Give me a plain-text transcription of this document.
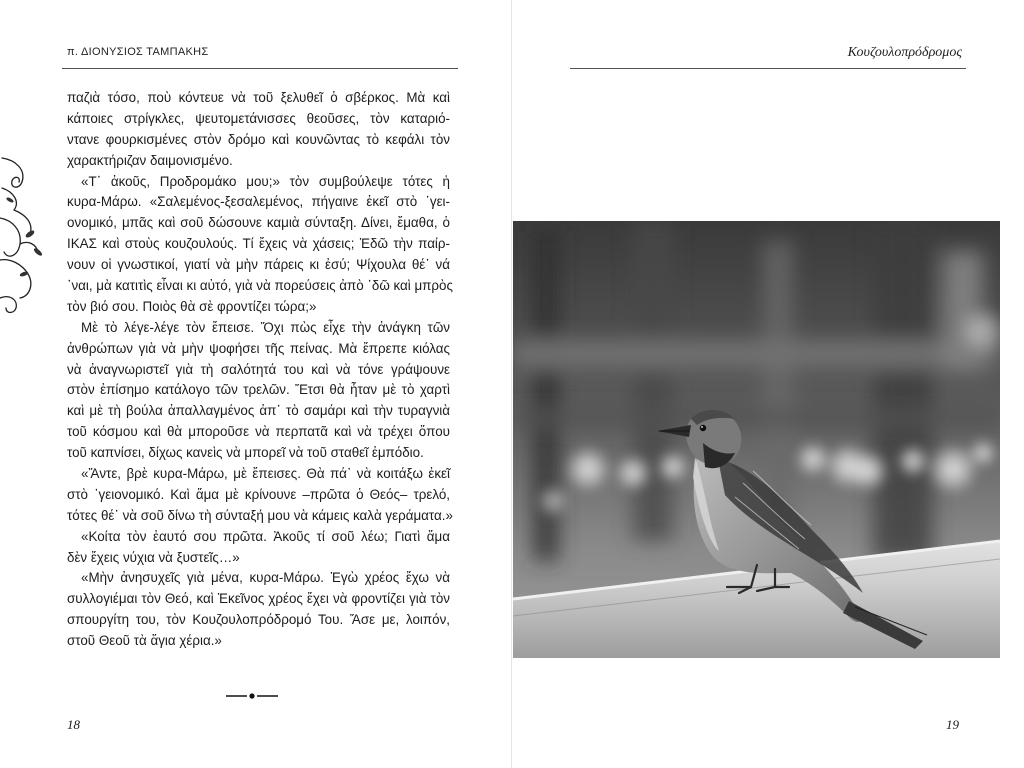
π. ΔΙΟΝΥΣΙΟΣ ΤΑΜΠΑΚΗΣ
παζιὰ τόσο, ποὺ κόντευε νὰ τοῦ ξελυθεῖ ὁ σβέρκος. Μὰ καὶ
κάποιες στρίγκλες, ψευτομετάνισσες θεοῦσες, τὸν καταριό-
ντανε φουρκισμένες στὸν δρόμο καὶ κουνῶντας τὸ κεφάλι τὸν
χαρακτήριζαν δαιμονισμένο.
«Τ᾿ ἀκοῦς, Προδρομάκο μου;» τὸν συμβούλεψε τότες ἡ
κυρα-Μάρω. «Σαλεμένος-ξεσαλεμένος, πήγαινε ἐκεῖ στὸ ᾿γει-
ονομικό, μπᾶς καὶ σοῦ δώσουνε καμιὰ σύνταξη. Δίνει, ἔμαθα, ὁ
ΙΚΑΣ καὶ στοὺς κουζουλούς. Τί ἔχεις νὰ χάσεις; Ἐδῶ τὴν παίρ-
νουν οἱ γνωστικοί, γιατί νὰ μὴν πάρεις κι ἐσύ; Ψίχουλα θέ᾿ νά
᾿ναι, μὰ κατιτὶς εἶναι κι αὐτό, γιὰ νὰ πορεύσεις ἀπὸ ᾿δῶ καὶ μπρὸς
τὸν βιό σου. Ποιὸς θὰ σὲ φροντίζει τώρα;»
Μὲ τὸ λέγε-λέγε τὸν ἔπεισε. Ὄχι πὼς εἶχε τὴν ἀνάγκη τῶν
ἀνθρώπων γιὰ νὰ μὴν ψοφήσει τῆς πείνας. Μὰ ἔπρεπε κιόλας
νὰ ἀναγνωριστεῖ γιὰ τὴ σαλότητά του καὶ νὰ τόνε γράψουνε
στὸν ἐπίσημο κατάλογο τῶν τρελῶν. Ἔτσι θὰ ἦταν μὲ τὸ χαρτὶ
καὶ μὲ τὴ βούλα ἀπαλλαγμένος ἀπ᾿ τὸ σαμάρι καὶ τὴν τυραγνιὰ
τοῦ κόσμου καὶ θὰ μποροῦσε νὰ περπατᾶ καὶ νὰ τρέχει ὅπου
τοῦ καπνίσει, δίχως κανεὶς νὰ μπορεῖ νὰ τοῦ σταθεῖ ἐμπόδιο.
«Ἄντε, βρὲ κυρα-Μάρω, μὲ ἔπεισες. Θὰ πά᾿ νὰ κοιτάξω ἐκεῖ
στὸ ᾿γειονομικό. Καὶ ἅμα μὲ κρίνουνε –πρῶτα ὁ Θεός– τρελό,
τότες θέ᾿ νὰ σοῦ δίνω τὴ σύνταξή μου νὰ κάμεις καλὰ γεράματα.»
«Κοίτα τὸν ἑαυτό σου πρῶτα. Ἀκοῦς τί σοῦ λέω; Γιατὶ ἅμα
δὲν ἔχεις νύχια νὰ ξυστεῖς…»
«Μὴν ἀνησυχεῖς γιὰ μένα, κυρα-Μάρω. Ἐγὼ χρέος ἔχω νὰ
συλλογιέμαι τὸν Θεό, καὶ Ἐκεῖνος χρέος ἔχει νὰ φροντίζει γιὰ τὸν
σπουργίτη του, τὸν Κουζουλοπρόδρομό Του. Ἄσε με, λοιπόν,
στοῦ Θεοῦ τὰ ἅγια χέρια.»
18
Κουζουλοπρόδρομος
19
